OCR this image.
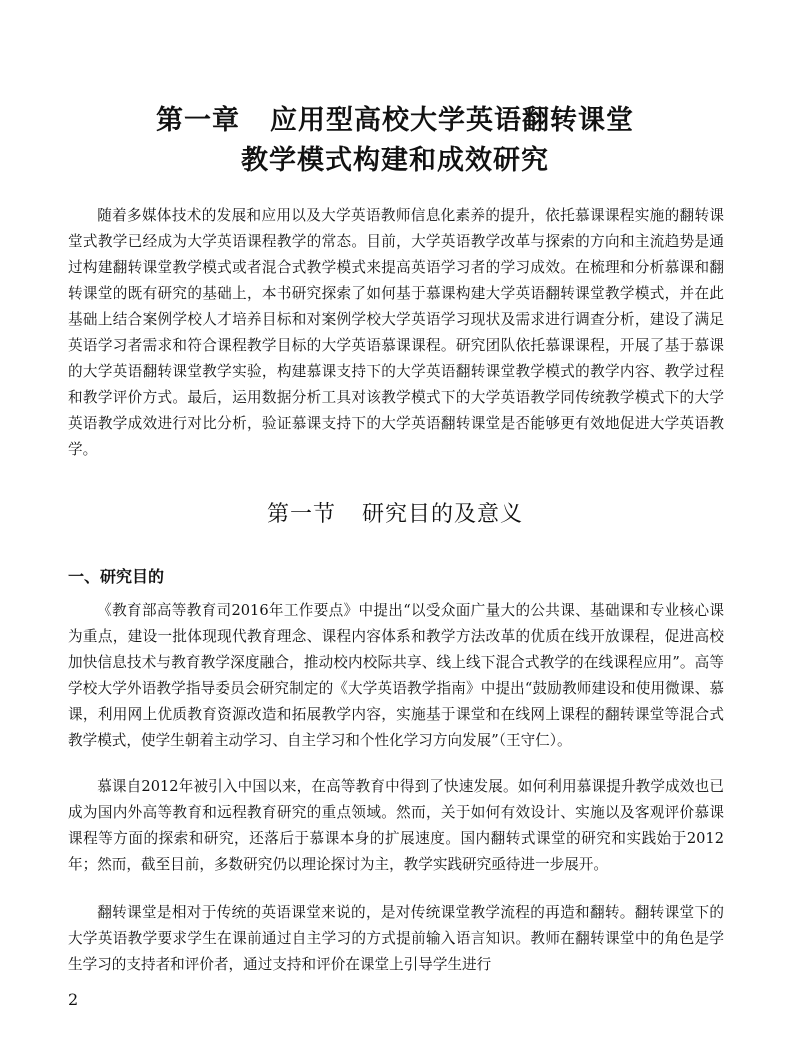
第一章 应用型高校大学英语翻转课堂
教学模式构建和成效研究

随着多媒体技术的发展和应用以及大学英语教师信息化素养的提升，依托慕课课程实施的翻转课堂式教学已经成为大学英语课程教学的常态。目前，大学英语教学改革与探索的方向和主流趋势是通过构建翻转课堂教学模式或者混合式教学模式来提高英语学习者的学习成效。在梳理和分析慕课和翻转课堂的既有研究的基础上，本书研究探索了如何基于慕课构建大学英语翻转课堂教学模式，并在此基础上结合案例学校人才培养目标和对案例学校大学英语学习现状及需求进行调查分析，建设了满足英语学习者需求和符合课程教学目标的大学英语慕课课程。研究团队依托慕课课程，开展了基于慕课的大学英语翻转课堂教学实验，构建慕课支持下的大学英语翻转课堂教学模式的教学内容、教学过程和教学评价方式。最后，运用数据分析工具对该教学模式下的大学英语教学同传统教学模式下的大学英语教学成效进行对比分析，验证慕课支持下的大学英语翻转课堂是否能够更有效地促进大学英语教学。

第一节 研究目的及意义
一、研究目的

《教育部高等教育司2016年工作要点》中提出“以受众面广量大的公共课、基础课和专业核心课为重点，建设一批体现现代教育理念、课程内容体系和教学方法改革的优质在线开放课程，促进高校加快信息技术与教育教学深度融合，推动校内校际共享、线上线下混合式教学的在线课程应用”。高等学校大学外语教学指导委员会研究制定的《大学英语教学指南》中提出“鼓励教师建设和使用微课、慕课，利用网上优质教育资源改造和拓展教学内容，实施基于课堂和在线网上课程的翻转课堂等混合式教学模式，使学生朝着主动学习、自主学习和个性化学习方向发展”（王守仁）。

慕课自2012年被引入中国以来，在高等教育中得到了快速发展。如何利用慕课提升教学成效也已成为国内外高等教育和远程教育研究的重点领域。然而，关于如何有效设计、实施以及客观评价慕课课程等方面的探索和研究，还落后于慕课本身的扩展速度。国内翻转式课堂的研究和实践始于2012年；然而，截至目前，多数研究仍以理论探讨为主，教学实践研究亟待进一步展开。

翻转课堂是相对于传统的英语课堂来说的，是对传统课堂教学流程的再造和翻转。翻转课堂下的大学英语教学要求学生在课前通过自主学习的方式提前输入语言知识。教师在翻转课堂中的角色是学生学习的支持者和评价者，通过支持和评价在课堂上引导学生进行

2
